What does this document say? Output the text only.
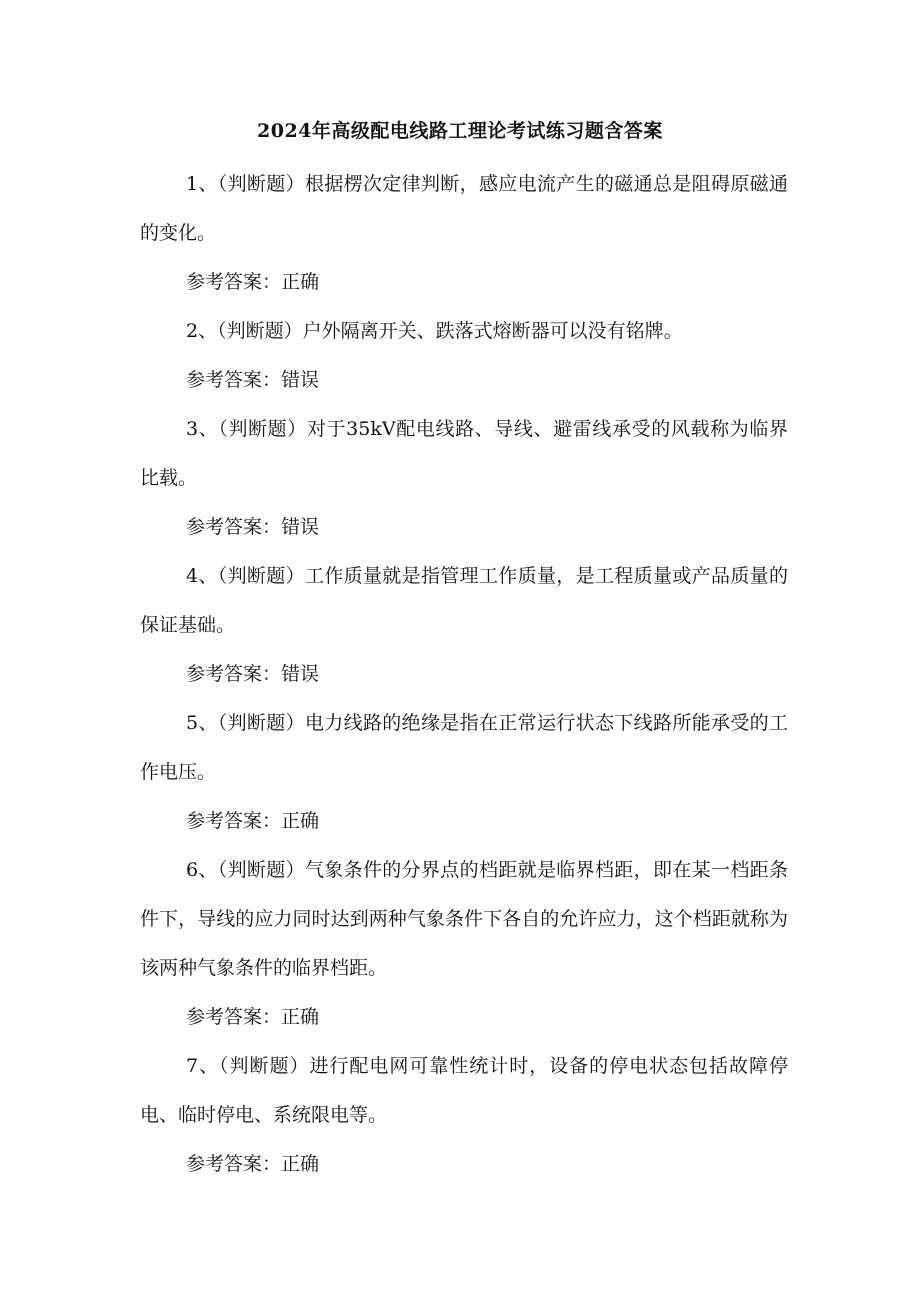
2024年高级配电线路工理论考试练习题含答案

1、（判断题）根据楞次定律判断，感应电流产生的磁通总是阻碍原磁通的变化。

参考答案：正确

2、（判断题）户外隔离开关、跌落式熔断器可以没有铭牌。

参考答案：错误

3、（判断题）对于35kV配电线路、导线、避雷线承受的风载称为临界比载。

参考答案：错误

4、（判断题）工作质量就是指管理工作质量，是工程质量或产品质量的保证基础。

参考答案：错误

5、（判断题）电力线路的绝缘是指在正常运行状态下线路所能承受的工作电压。

参考答案：正确

6、（判断题）气象条件的分界点的档距就是临界档距，即在某一档距条件下，导线的应力同时达到两种气象条件下各自的允许应力，这个档距就称为该两种气象条件的临界档距。

参考答案：正确

7、（判断题）进行配电网可靠性统计时，设备的停电状态包括故障停电、临时停电、系统限电等。

参考答案：正确
